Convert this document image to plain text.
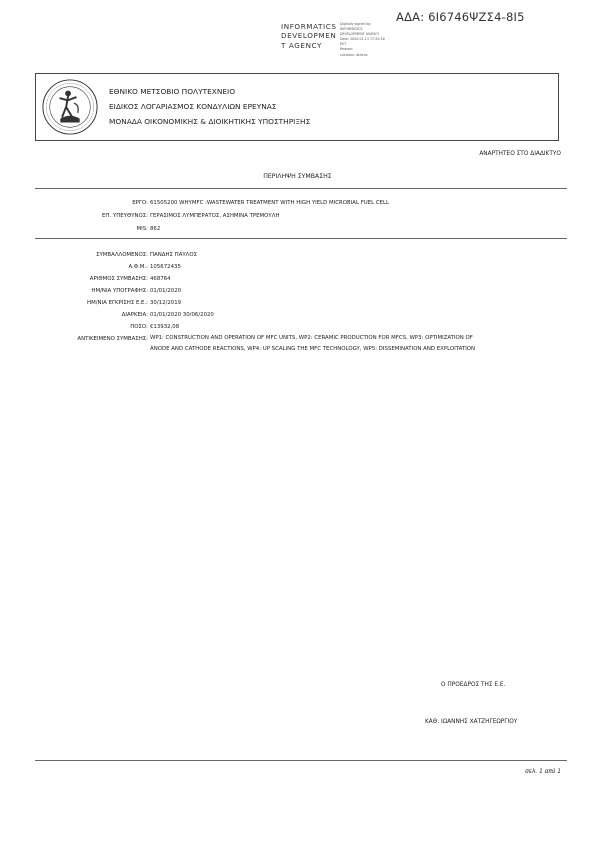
ΑΔΑ: 6Ι6746ΨΖΣ4-8Ι5
INFORMATICS
DEVELOPMEN
T AGENCY
Digitally signed by
INFORMATICS
DEVELOPMENT AGENCY
Date: 2020.01.13 17:20:16
EET
Reason:
Location: Athens
ΕΘΝΙΚΟ ΜΕΤΣΟΒΙΟ ΠΟΛΥΤΕΧΝΕΙΟ
ΕΙΔΙΚΟΣ ΛΟΓΑΡΙΑΣΜΟΣ ΚΟΝΔΥΛΙΩΝ ΕΡΕΥΝΑΣ
ΜΟΝΑΔΑ ΟΙΚΟΝΟΜΙΚΗΣ & ΔΙΟΙΚΗΤΙΚΗΣ ΥΠΟΣΤΗΡΙΞΗΣ
ΑΝΑΡΤΗΤΕΟ ΣΤΟ ΔΙΑΔΙΚΤΥΟ
ΠΕΡΙΛΗΨΗ ΣΥΜΒΑΣΗΣ
ΕΡΓΟ: 61505200 WHYMFC :WASTEWATER TREATMENT WITH HIGH YIELD MICROBIAL FUEL CELL
ΕΠ. ΥΠΕΥΘΥΝΟΣ: ΓΕΡΑΣΙΜΟΣ ΛΥΜΠΕΡΑΤΟΣ, ΑΣΗΜΙΝΑ ΤΡΕΜΟΥΛΗ
MIS: 862
ΣΥΜΒΑΛΛΟΜΕΝΟΣ: ΠΑΝΔΗΣ ΠΑΥΛΟΣ
Α.Φ.Μ.: 105672435
ΑΡΙΘΜΟΣ ΣΥΜΒΑΣΗΣ: 468764
ΗΜ/ΝΙΑ ΥΠΟΓΡΑΦΗΣ: 01/01/2020
ΗΜ/ΝΙΑ ΕΓΚΡΙΣΗΣ Ε.Ε.: 30/12/2019
ΔΙΑΡΚΕΙΑ: 01/01/2020 30/06/2020
ΠΟΣΟ: €13932,08
ΑΝΤΙΚΕΙΜΕΝΟ ΣΥΜΒΑΣΗΣ: WP1: CONSTRUCTION AND OPERATION OF MFC UNITS, WP2: CERAMIC PRODUCTION FOR MFCS, WP3: OPTIMIZATION OF ANODE AND CATHODE REACTIONS, WP4: UP SCALING THE MFC TECHNOLOGY, WP5: DISSEMINATION AND EXPLOITATION
Ο ΠΡΟΕΔΡΟΣ ΤΗΣ Ε.Ε.
ΚΑΘ. ΙΩΑΝΝΗΣ ΧΑΤΖΗΓΕΩΡΓΙΟΥ
σελ. 1 από 1
